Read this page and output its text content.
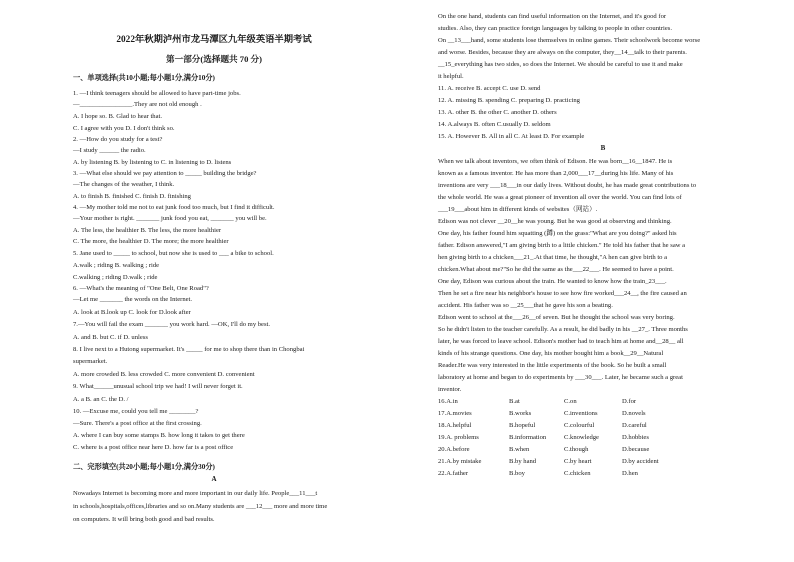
2022年秋期泸州市龙马潭区九年级英语半期考试
第一部分(选择题共 70 分)
一、单项选择(共10小题;每小题1分,满分10分)
1. —I think teenagers should be allowed to have part-time jobs.
—________________.They are not old enough .
A. I hope so. B. Glad to hear that.
C. I agree with you D. I don't think so.
2. —How do you study for a test?
—I study ______ the radio.
A. by listening B. by listening to C. in listening to D. listens
3. —What else should we pay attention to _____ building the bridge?
—The changes of the weather, I think.
A. to finish B. finished C. finish D. finishing
4. —My mother told me not to eat junk food too much, but I find it difficult.
—Your mother is right. _______ junk food you eat, _______ you will be.
A. The less, the healthier B. The less, the more healthier
C. The more, the healthier D. The more; the more healthier
5. Jane used to _____ to school, but now she is used to ___ a bike to school.
A.walk ; riding B. walking ; ride
C.walking ; riding D.walk ; ride
6. —What's the meaning of "One Belt, One Road"?
—Let me _______ the words on the Internet.
A. look at B.look up C. look for D.look after
7.—You will fail the exam _______ you work hard. —OK, I'll do my best.
A. and B. but C. if D. unless
8. I live next to a Hutong supermarket. It's _____ for me to shop there than in Chongbai
supermarket.
A. more crowded B. less crowded C. more convenient D. convenient
9. What______unusual school trip we had! I will never forget it.
A. a B. an C. the D. /
10. —Excuse me, could you tell me ________?
—Sure. There's a post office at the first crossing.
A. where I can buy some stamps B. how long it takes to get there
C. where is a post office near here D. how far is a post office
Nowadays Internet is becoming more and more important in our daily life. People___11___t
in schools,hospitals,offices,libraries and so on.Many students are ___12___ more and more time
on computers. It will bring both good and bad results.
二、完形填空(共20小题;每小题1分,满分30分)
A
On the one hand, students can find useful information on the Internet, and it's good for
studies. Also, they can practice foreign languages by talking to people in other countries.
On __13___hand, some students lose themselves in online games. Their schoolwork become worse
and worse. Besides, because they are always on the computer, they__14__talk to their parents.
__15_everything has two sides, so does the Internet. We should be careful to use it and make
it helpful.
11. A. receive B. accept C. use D. send
12. A. missing B. spending C. preparing D. practicing
13. A. other B. the other C. another D. others
14. A.always B. often C.usually D. seldom
15. A. However B. All in all C. At least D. For example
When we talk about inventors, we often think of Edison. He was born__16__1847. He is
known as a famous inventor. He has more than 2,000___17__during his life. Many of his
inventions are very ___18___in our daily lives. Without doubt, he has made great contributions to
the whole world. He was a great pioneer of invention all over the world. You can find lots of
___19___about him in different kinds of websites（网站）.
Edison was not clever __20__he was young. But he was good at observing and thinking.
One day, his father found him squatting (蹲) on the grass:"What are you doing?" asked his
father. Edison answered,"I am giving birth to a little chicken." He told his father that he saw a
hen giving birth to a chicken___21_.At that time, he thought,"A hen can give birth to a
chicken.What about me?"So he did the same as the___22___. He seemed to have a point.
One day, Edison was curious about the train. He wanted to know how the train_23___.
Then he set a fire near his neighbor's house to see how fire worked___24__, the fire caused an
accident. His father was so __25___that he gave his son a beating.
Edison went to school at the___26__of seven. But he thought the school was very boring.
So he didn't listen to the teacher carefully. As a result, he did badly in his __27_. Three months
later, he was forced to leave school. Edison's mother had to teach him at home and__28__ all
kinds of his strange questions. One day, his mother bought him a book__29__Natural
Reader.He was very interested in the little experiments of the book. So he built a small
laboratory at home and began to do experiments by ___30___. Later, he became such a great
inventor.
B
16.A.in	B.at	C.on	D.for
17.A.movies	B.works	C.inventions	D.novels
18.A.helpful	B.hopeful	C.colourful	D.careful
19.A. problems	B.information	C.knowledge	D.hobbies
20.A.before	B.when	C.though	D.because
21.A.by mistake	B.by hand	C.by heart	D.by accident
22.A.father	B.boy	C.chicken	D.hen
